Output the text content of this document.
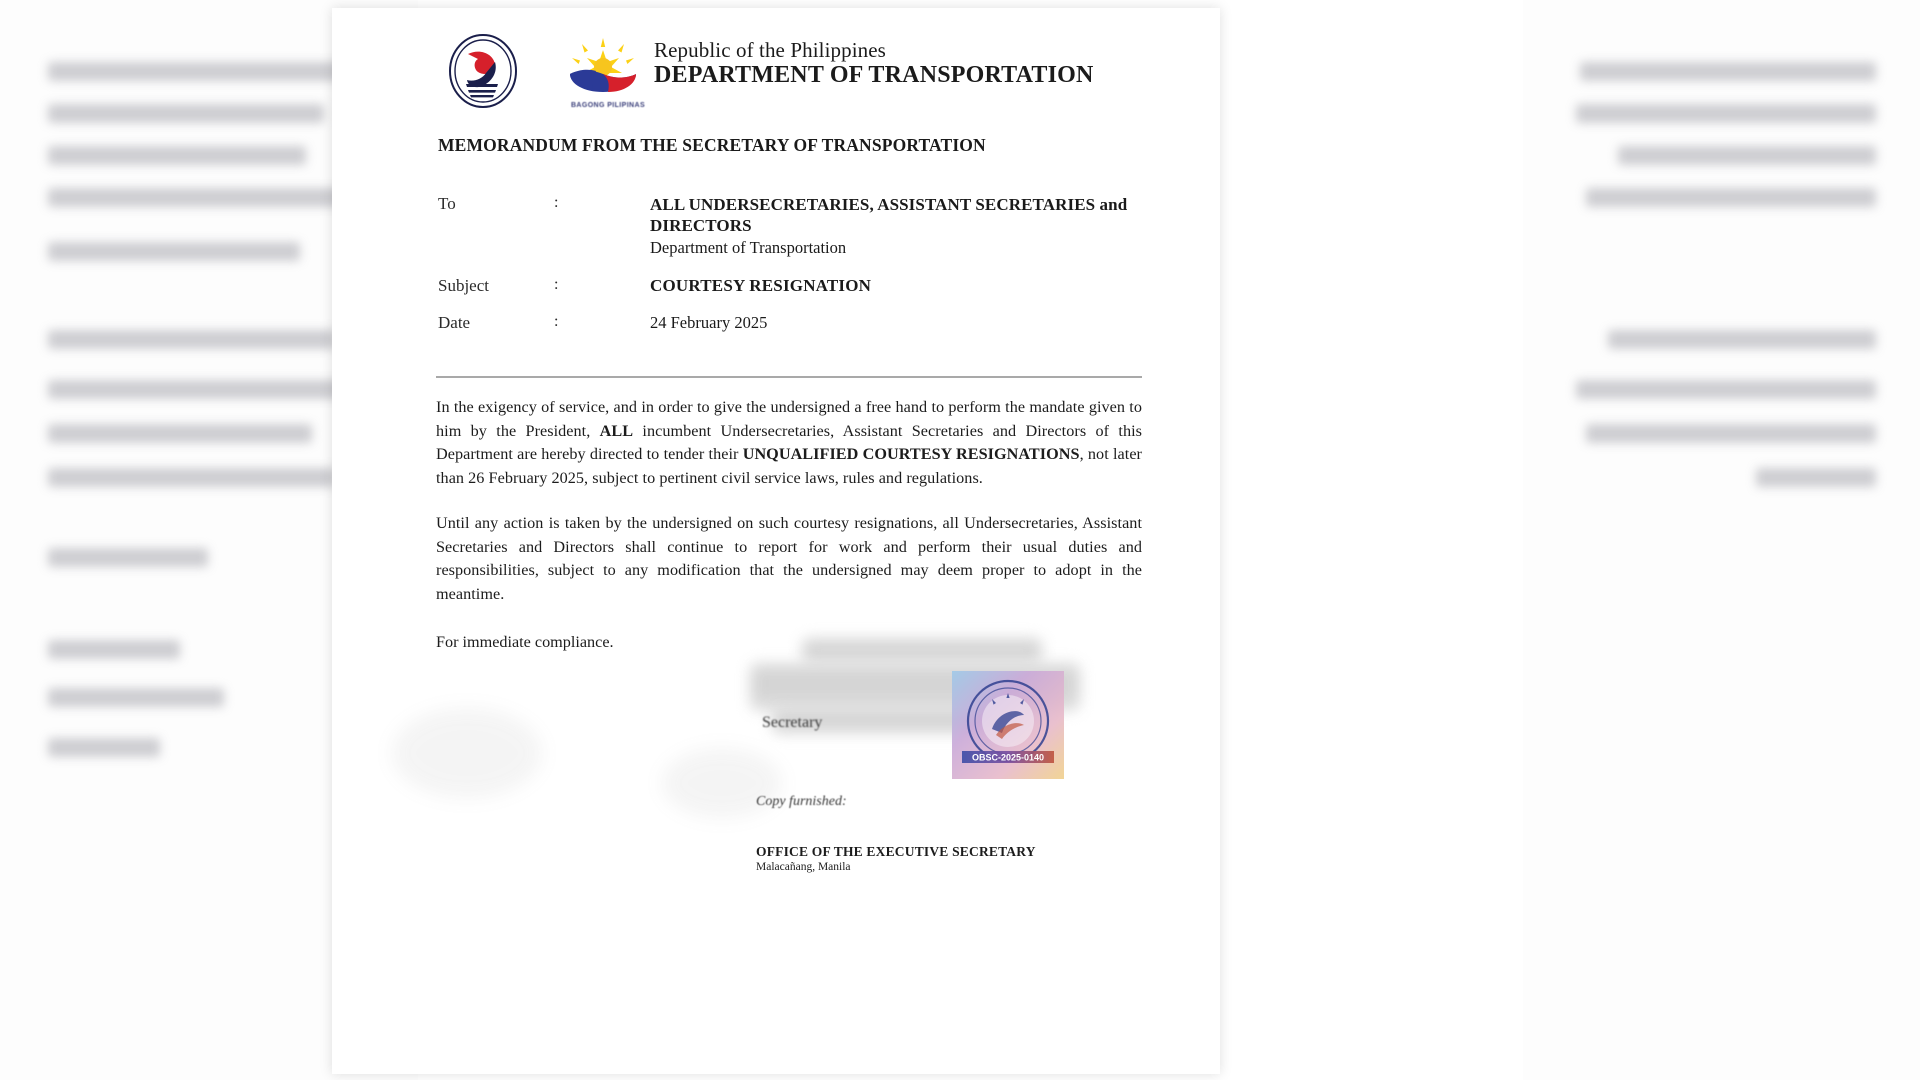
BAGONG PILIPINAS
Republic of the Philippines
DEPARTMENT OF TRANSPORTATION
MEMORANDUM FROM THE SECRETARY OF TRANSPORTATION
To	:	ALL UNDERSECRETARIES, ASSISTANT SECRETARIES and DIRECTORS
Department of Transportation
Subject	:	COURTESY RESIGNATION
Date	:	24 February 2025

In the exigency of service, and in order to give the undersigned a free hand to perform the mandate given to him by the President, ALL incumbent Undersecretaries, Assistant Secretaries and Directors of this Department are hereby directed to tender their UNQUALIFIED COURTESY RESIGNATIONS, not later than 26 February 2025, subject to pertinent civil service laws, rules and regulations.

Until any action is taken by the undersigned on such courtesy resignations, all Undersecretaries, Assistant Secretaries and Directors shall continue to report for work and perform their usual duties and responsibilities, subject to any modification that the undersigned may deem proper to adopt in the meantime.

For immediate compliance.
Secretary
OBSC-2025-0140
Copy furnished:
OFFICE OF THE EXECUTIVE SECRETARY
Malacañang, Manila
